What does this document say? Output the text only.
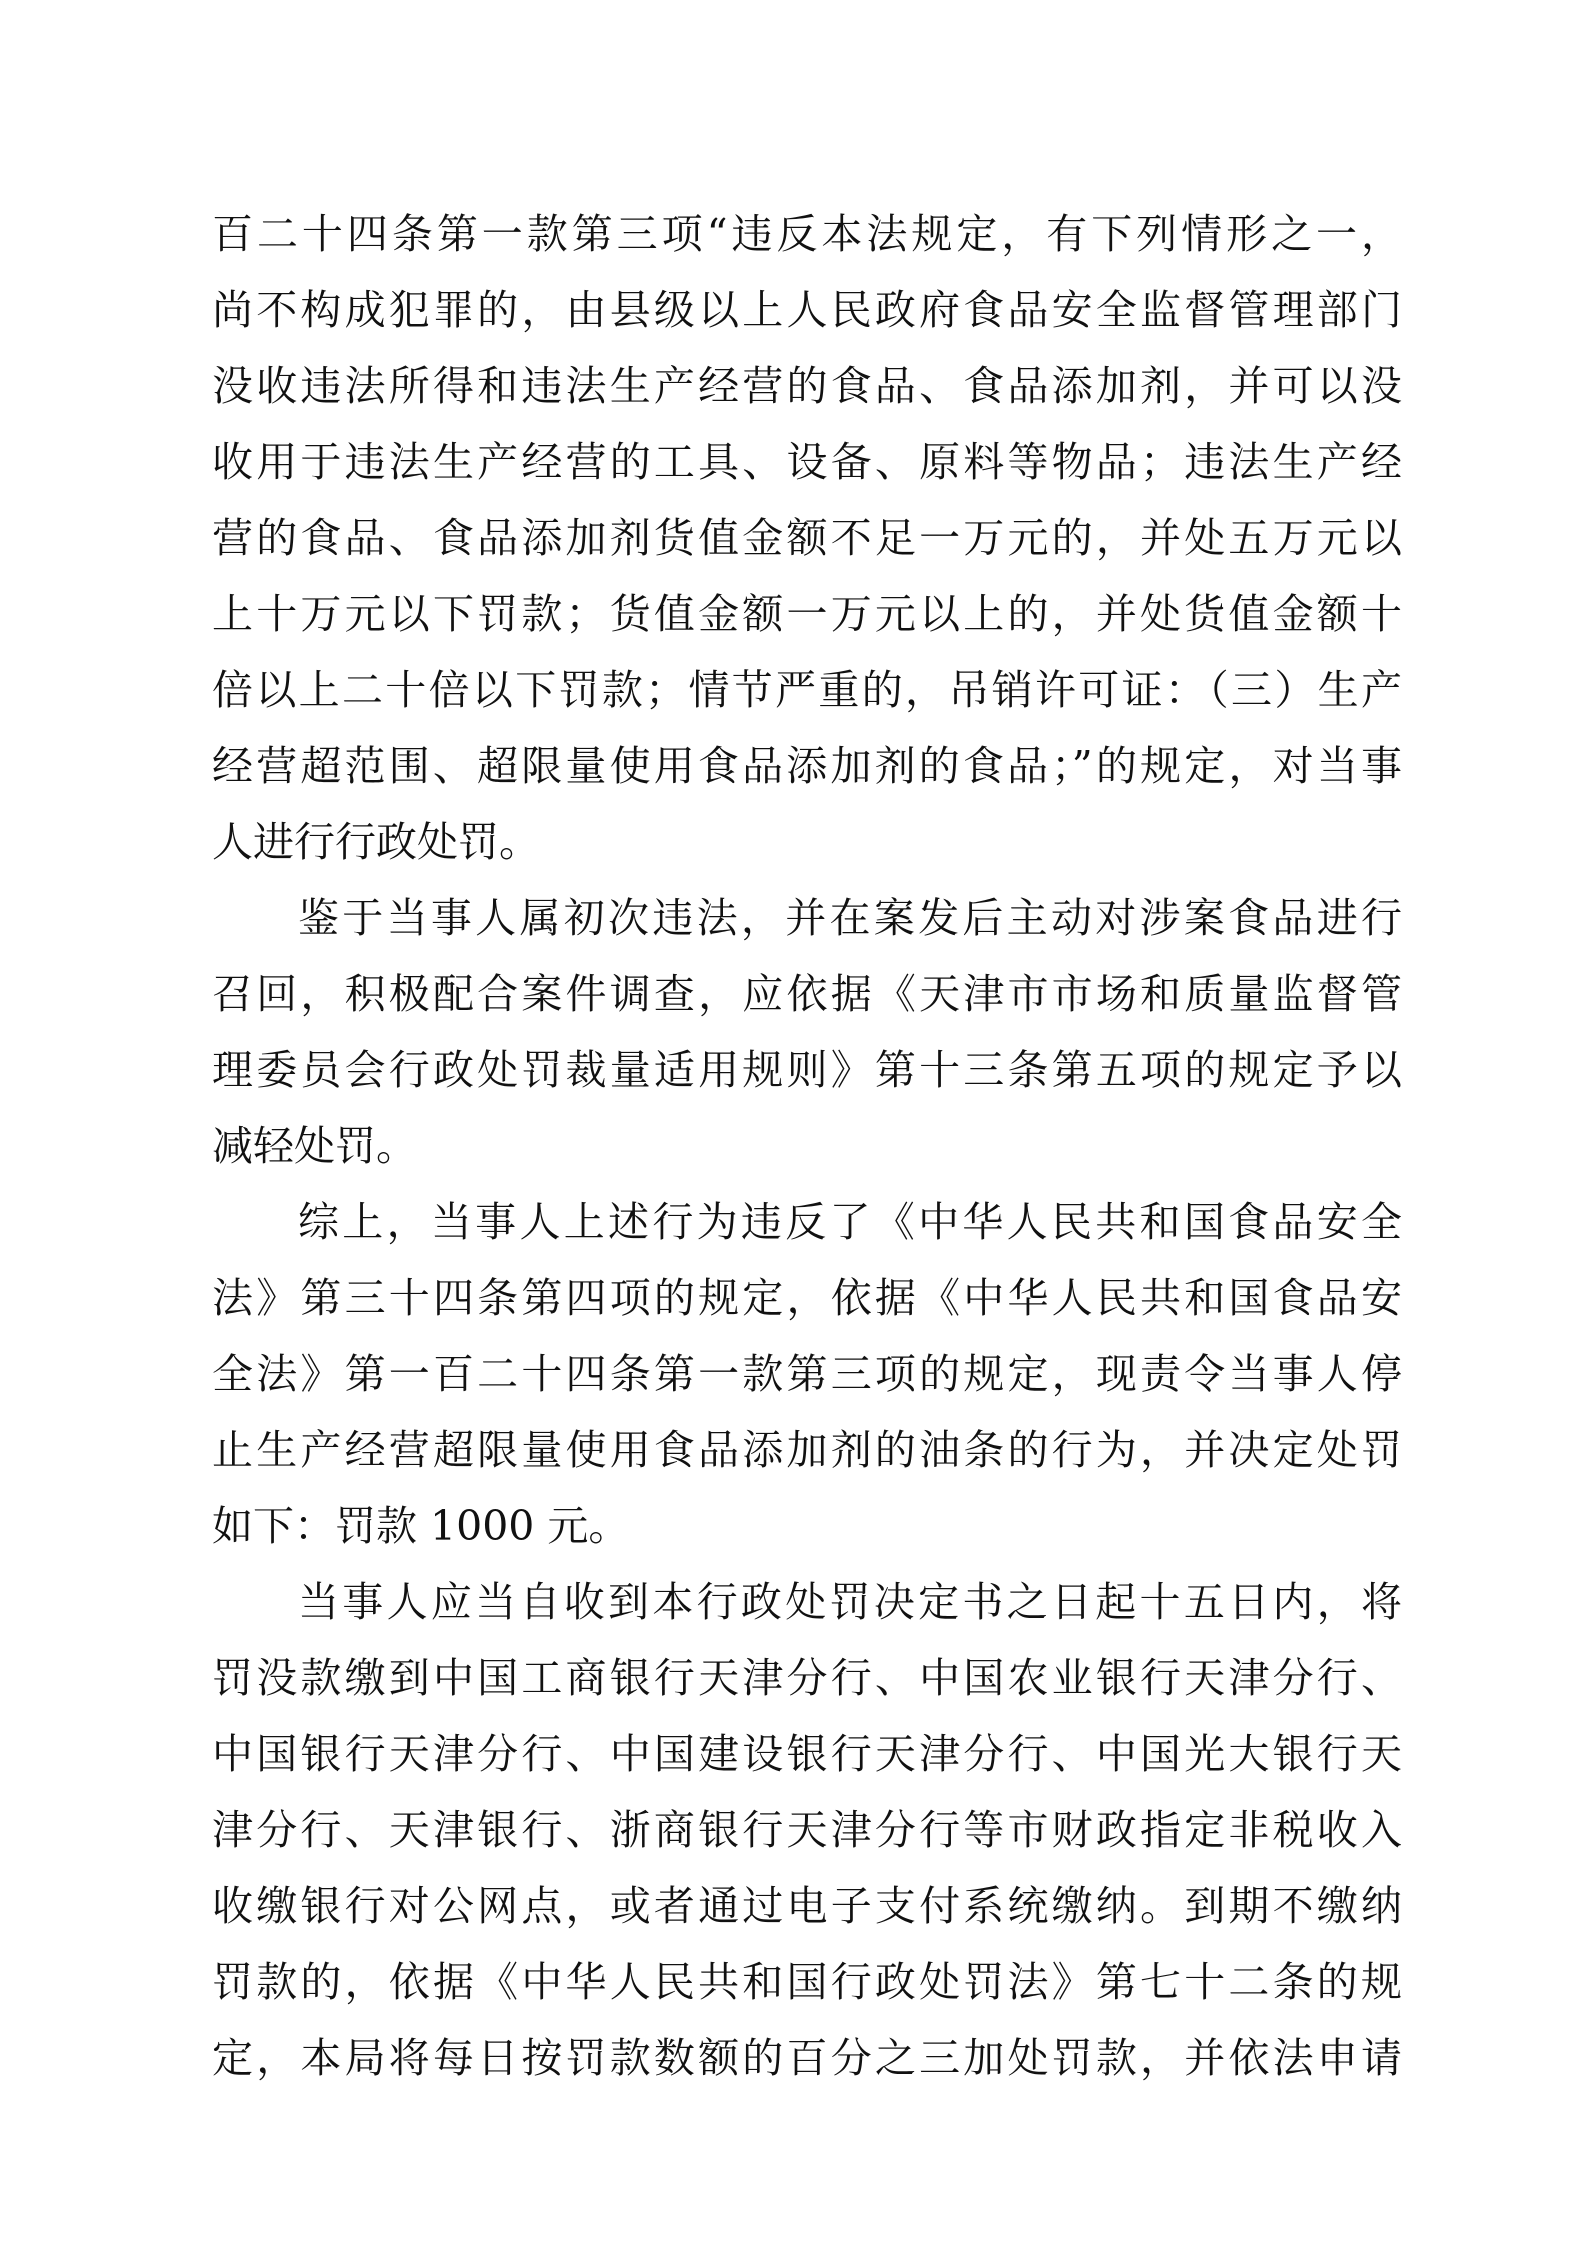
百二十四条第一款第三项“违反本法规定，有下列情形之一，
尚不构成犯罪的，由县级以上人民政府食品安全监督管理部门
没收违法所得和违法生产经营的食品、食品添加剂，并可以没
收用于违法生产经营的工具、设备、原料等物品；违法生产经
营的食品、食品添加剂货值金额不足一万元的，并处五万元以
上十万元以下罚款；货值金额一万元以上的，并处货值金额十
倍以上二十倍以下罚款；情节严重的，吊销许可证：（三）生产
经营超范围、超限量使用食品添加剂的食品；”的规定，对当事
人进行行政处罚。
鉴于当事人属初次违法，并在案发后主动对涉案食品进行
召回，积极配合案件调查，应依据《天津市市场和质量监督管
理委员会行政处罚裁量适用规则》第十三条第五项的规定予以
减轻处罚。
综上，当事人上述行为违反了《中华人民共和国食品安全
法》第三十四条第四项的规定，依据《中华人民共和国食品安
全法》第一百二十四条第一款第三项的规定，现责令当事人停
止生产经营超限量使用食品添加剂的油条的行为，并决定处罚
如下：罚款 1000 元。
当事人应当自收到本行政处罚决定书之日起十五日内，将
罚没款缴到中国工商银行天津分行、中国农业银行天津分行、
中国银行天津分行、中国建设银行天津分行、中国光大银行天
津分行、天津银行、浙商银行天津分行等市财政指定非税收入
收缴银行对公网点，或者通过电子支付系统缴纳。到期不缴纳
罚款的，依据《中华人民共和国行政处罚法》第七十二条的规
定，本局将每日按罚款数额的百分之三加处罚款，并依法申请
